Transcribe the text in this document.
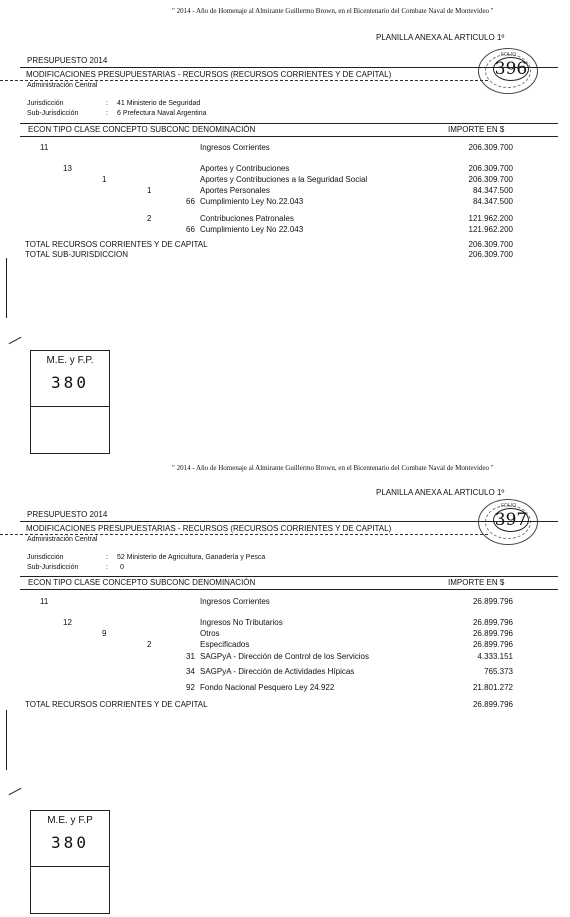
" 2014 - Año de Homenaje al Almirante Guillermo Brown, en el Bicentenario del Combate Naval de Montevideo "
PLANILLA ANEXA AL ARTICULO 1º
FOLIO
396
PRESUPUESTO 2014
MODIFICACIONES PRESUPUESTARIAS - RECURSOS (RECURSOS CORRIENTES Y DE CAPITAL)
Administración Central
Jurisdicción	: 41 Ministerio de Seguridad
Sub-Jurisdicción	: 6 Prefectura Naval Argentina
ECON TIPO CLASE CONCEPTO SUBCONC DENOMINACIÓN	IMPORTE EN $
11	Ingresos Corrientes	206.309.700
13	Aportes y Contribuciones	206.309.700
1	Aportes y Contribuciones a la Seguridad Social	206.309.700
1	Aportes Personales	84.347.500
66 Cumplimiento Ley No.22.043	84.347.500
2	Contribuciones Patronales	121.962.200
66 Cumplimiento Ley No 22.043	121.962.200
TOTAL RECURSOS CORRIENTES Y DE CAPITAL	206.309.700
TOTAL SUB-JURISDICCION	206.309.700
M.E. y F.P.
380
" 2014 - Año de Homenaje al Almirante Guillermo Brown, en el Bicentenario del Combate Naval de Montevideo "
PLANILLA ANEXA AL ARTICULO 1º
FOLIO
397
PRESUPUESTO 2014
MODIFICACIONES PRESUPUESTARIAS - RECURSOS (RECURSOS CORRIENTES Y DE CAPITAL)
Administración Central
Jurisdicción	: 52 Ministerio de Agricultura, Ganadería y Pesca
Sub-Jurisdicción	: 0
ECON TIPO CLASE CONCEPTO SUBCONC DENOMINACIÓN	IMPORTE EN $
11	Ingresos Corrientes	26.899.796
12	Ingresos No Tributarios	26.899.796
9	Otros	26.899.796
2	Especificados	26.899.796
31 SAGPyA - Dirección de Control de los Servicios	4.333.151
34 SAGPyA - Dirección de Actividades Hípicas	765.373
92 Fondo Nacional Pesquero Ley 24.922	21.801.272
TOTAL RECURSOS CORRIENTES Y DE CAPITAL	26.899.796
M.E. y F.P
380
